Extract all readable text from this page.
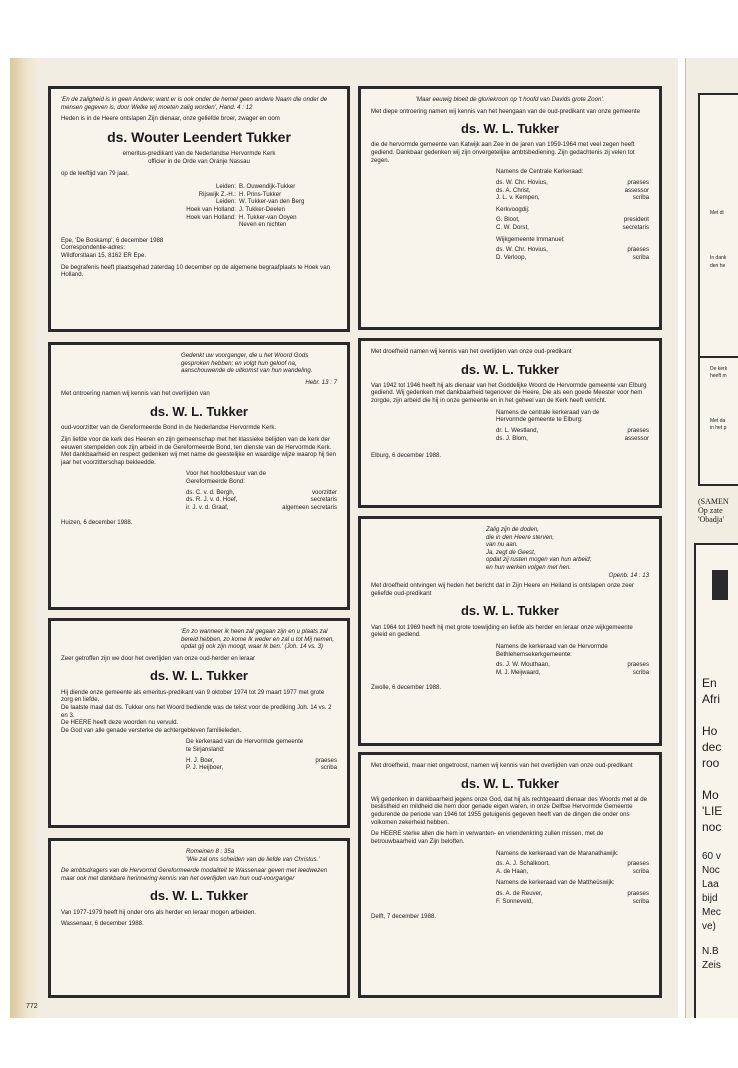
'En de zaligheid is in geen Andere; want er is ook onder de hemel geen andere Naam die onder de mensen gegeven is, door Welke wij moeten zalig worden', Hand. 4 : 12

Heden is in de Heere ontslapen Zijn dienaar, onze geliefde broer, zwager en oom

ds. Wouter Leendert Tukker

emeritus-predikant van de Nederlandse Hervormde Kerk

officier in de Orde van Oranje Nassau

op de leeftijd van 79 jaar.

Leiden: B. Ouwendijk-Tukker
Rijswijk Z.-H.: H. Prins-Tukker
Leiden: W. Tukker-van den Berg
Hoek van Holland: J. Tukker-Deelen
Hoek van Holland: H. Tukker-van Ooyen
Neven en nichten

Epe, 'De Boskamp', 6 december 1988

Correspondentie-adres:

Wildforstlaan 15, 8162 ER Epe.

De begrafenis heeft plaatsgehad zaterdag 10 december op de algemene begraafplaats te Hoek van Holland.

Gedenkt uw voorganger, die u het Woord Gods gesproken hebben; en volgt hun geloof na, aanschouwende de uitkomst van hun wandeling.

Hebr. 13 : 7

Met ontroering namen wij kennis van het overlijden van

ds. W. L. Tukker

oud-voorzitter van de Gereformeerde Bond in de Nederlandse Hervormde Kerk.

Zijn liefde voor de kerk des Heeren en zijn gemeenschap met het klassieke belijden van de kerk der eeuwen stempelden ook zijn arbeid in de Gereformeerde Bond, ten dienste van de Hervormde Kerk. Met dankbaarheid en respect gedenken wij met name de geestelijke en waardige wijze waarop hij tien jaar het voorzitterschap bekleedde.

Voor het hoofdbestuur van de
Gereformeerde Bond:
ds. C. v. d. Bergh,	voorzitter
ds. R. J. v. d. Hoef,	secretaris
ir. J. v. d. Graaf,	algemeen secretaris

Huizen, 6 december 1988.

'En zo wanneer ik heen zal gegaan zijn en u plaats zal bereid hebben, zo kome Ik weder en zal u tot Mij nemen, opdat gij ook zijn moogt, waar Ik ben.' (Joh. 14 vs. 3)

Zeer getroffen zijn we door het overlijden van onze oud-herder en leraar

ds. W. L. Tukker

Hij diende onze gemeente als emeritus-predikant van 9 oktober 1974 tot 29 maart 1977 met grote zorg en liefde.

De laatste maal dat ds. Tukker ons het Woord bediende was de tekst voor de prediking Joh. 14 vs. 2 en 3.

De HEERE heeft deze woorden nu vervuld.

De God van alle genade versterke de achtergebleven familieleden.

De kerkeraad van de Hervormde gemeente
te Sirjansland:
H. J. Boer,	praeses
P. J. Heijboer,	scriba

Romeinen 8 : 35a

'Wie zal ons scheiden van de liefde van Christus.'

De ambtsdragers van de Hervormd Gereformeerde modaliteit te Wassenaar geven met leedwezen maar ook met dankbare herinnering kennis van het overlijden van hun oud-voorganger

ds. W. L. Tukker

Van 1977-1979 heeft hij onder ons als herder en leraar mogen arbeiden.

Wassenaar, 6 december 1988.

'Maar eeuwig bloeit de gloriekroon op 't hoofd van Davids grote Zoon'.

Met diepe ontroering namen wij kennis van het heengaan van de oud-predikant van onze gemeente

ds. W. L. Tukker

die de hervormde gemeente van Katwijk aan Zee in de jaren van 1959-1964 met veel zegen heeft gediend. Dankbaar gedenken wij zijn onvergetelijke ambtsbediening. Zijn gedachtenis zij velen tot zegen.

Namens de Centrale Kerkeraad:
ds. W. Chr. Hovius,	praeses
ds. A. Christ,	assessor
J. L. v. Kempen,	scriba
Kerkvoogdij:
G. Bloot,	president
C. W. Dorst,	secretaris
Wijkgemeente Immanuel:
ds. W. Chr. Hovius,	praeses
D. Verloop,	scriba

Met droefheid namen wij kennis van het overlijden van onze oud-predikant

ds. W. L. Tukker

Van 1942 tot 1946 heeft hij als dienaar van het Goddelijke Woord de Hervormde gemeente van Elburg gediend. Wij gedenken met dankbaarheid tegenover de Heere, Die als een goede Meester voor hem zorgde, zijn arbeid die hij in onze gemeente en in het geheel van de Kerk heeft verricht.

Namens de centrale kerkeraad van de
Hervormde gemeente te Elburg:
dr. L. Westland,	praeses
ds. J. Blom,	assessor

Elburg, 6 december 1988.

Zalig zijn de doden,
die in den Heere sterven,
van nu aan.
Ja, zegt de Geest,
opdat zij rusten mogen van hun arbeid;
en hun werken volgen met hen.
Openb. 14 : 13

Met droefheid ontvingen wij heden het bericht dat in Zijn Heere en Heiland is ontslapen onze zeer geliefde oud-predikant

ds. W. L. Tukker

Van 1964 tot 1969 heeft hij met grote toewijding en liefde als herder en leraar onze wijkgemeente geleid en gediend.

Namens de kerkeraad van de Hervormde
Bethlehemsekerkgemeente:
ds. J. W. Mouthaan,	praeses
M. J. Meijwaard,	scriba

Zwolle, 6 december 1988.

Met droefheid, maar niet ongetroost, namen wij kennis van het overlijden van onze oud-predikant

ds. W. L. Tukker

Wij gedenken in dankbaarheid jegens onze God, dat hij als rechtgeaard dienaar des Woords met al de beslistheid en mildheid die hem door genade eigen waren, in onze Delftse Hervormde Gemeente gedurende de periode van 1946 tot 1955 getuigenis gegeven heeft van de dingen die onder ons volkomen zekerheid hebben.

De HEERE sterke allen die hem in verwanten- en vriendenkring zullen missen, met de betrouwbaarheid van Zijn beloften.

Namens de kerkeraad van de Maranathawijk:
ds. A. J. Schalkoort,	praeses
A. de Haan,	scriba
Namens de kerkeraad van de Mattheüswijk:
ds. A. de Reuver,	praeses
F. Sonneveld,	scriba

Delft, 7 december 1988.

772
Met di
In dank
den he
De kerk
heeft m
Met da
in het p
(SAMEN
Op zate
'Obadja'
En
Afri
Ho
dec
roo
Mo
'LIE
noc
60 v
Noc
Laa
bijd
Mec
ve)
N.B
Zeis
